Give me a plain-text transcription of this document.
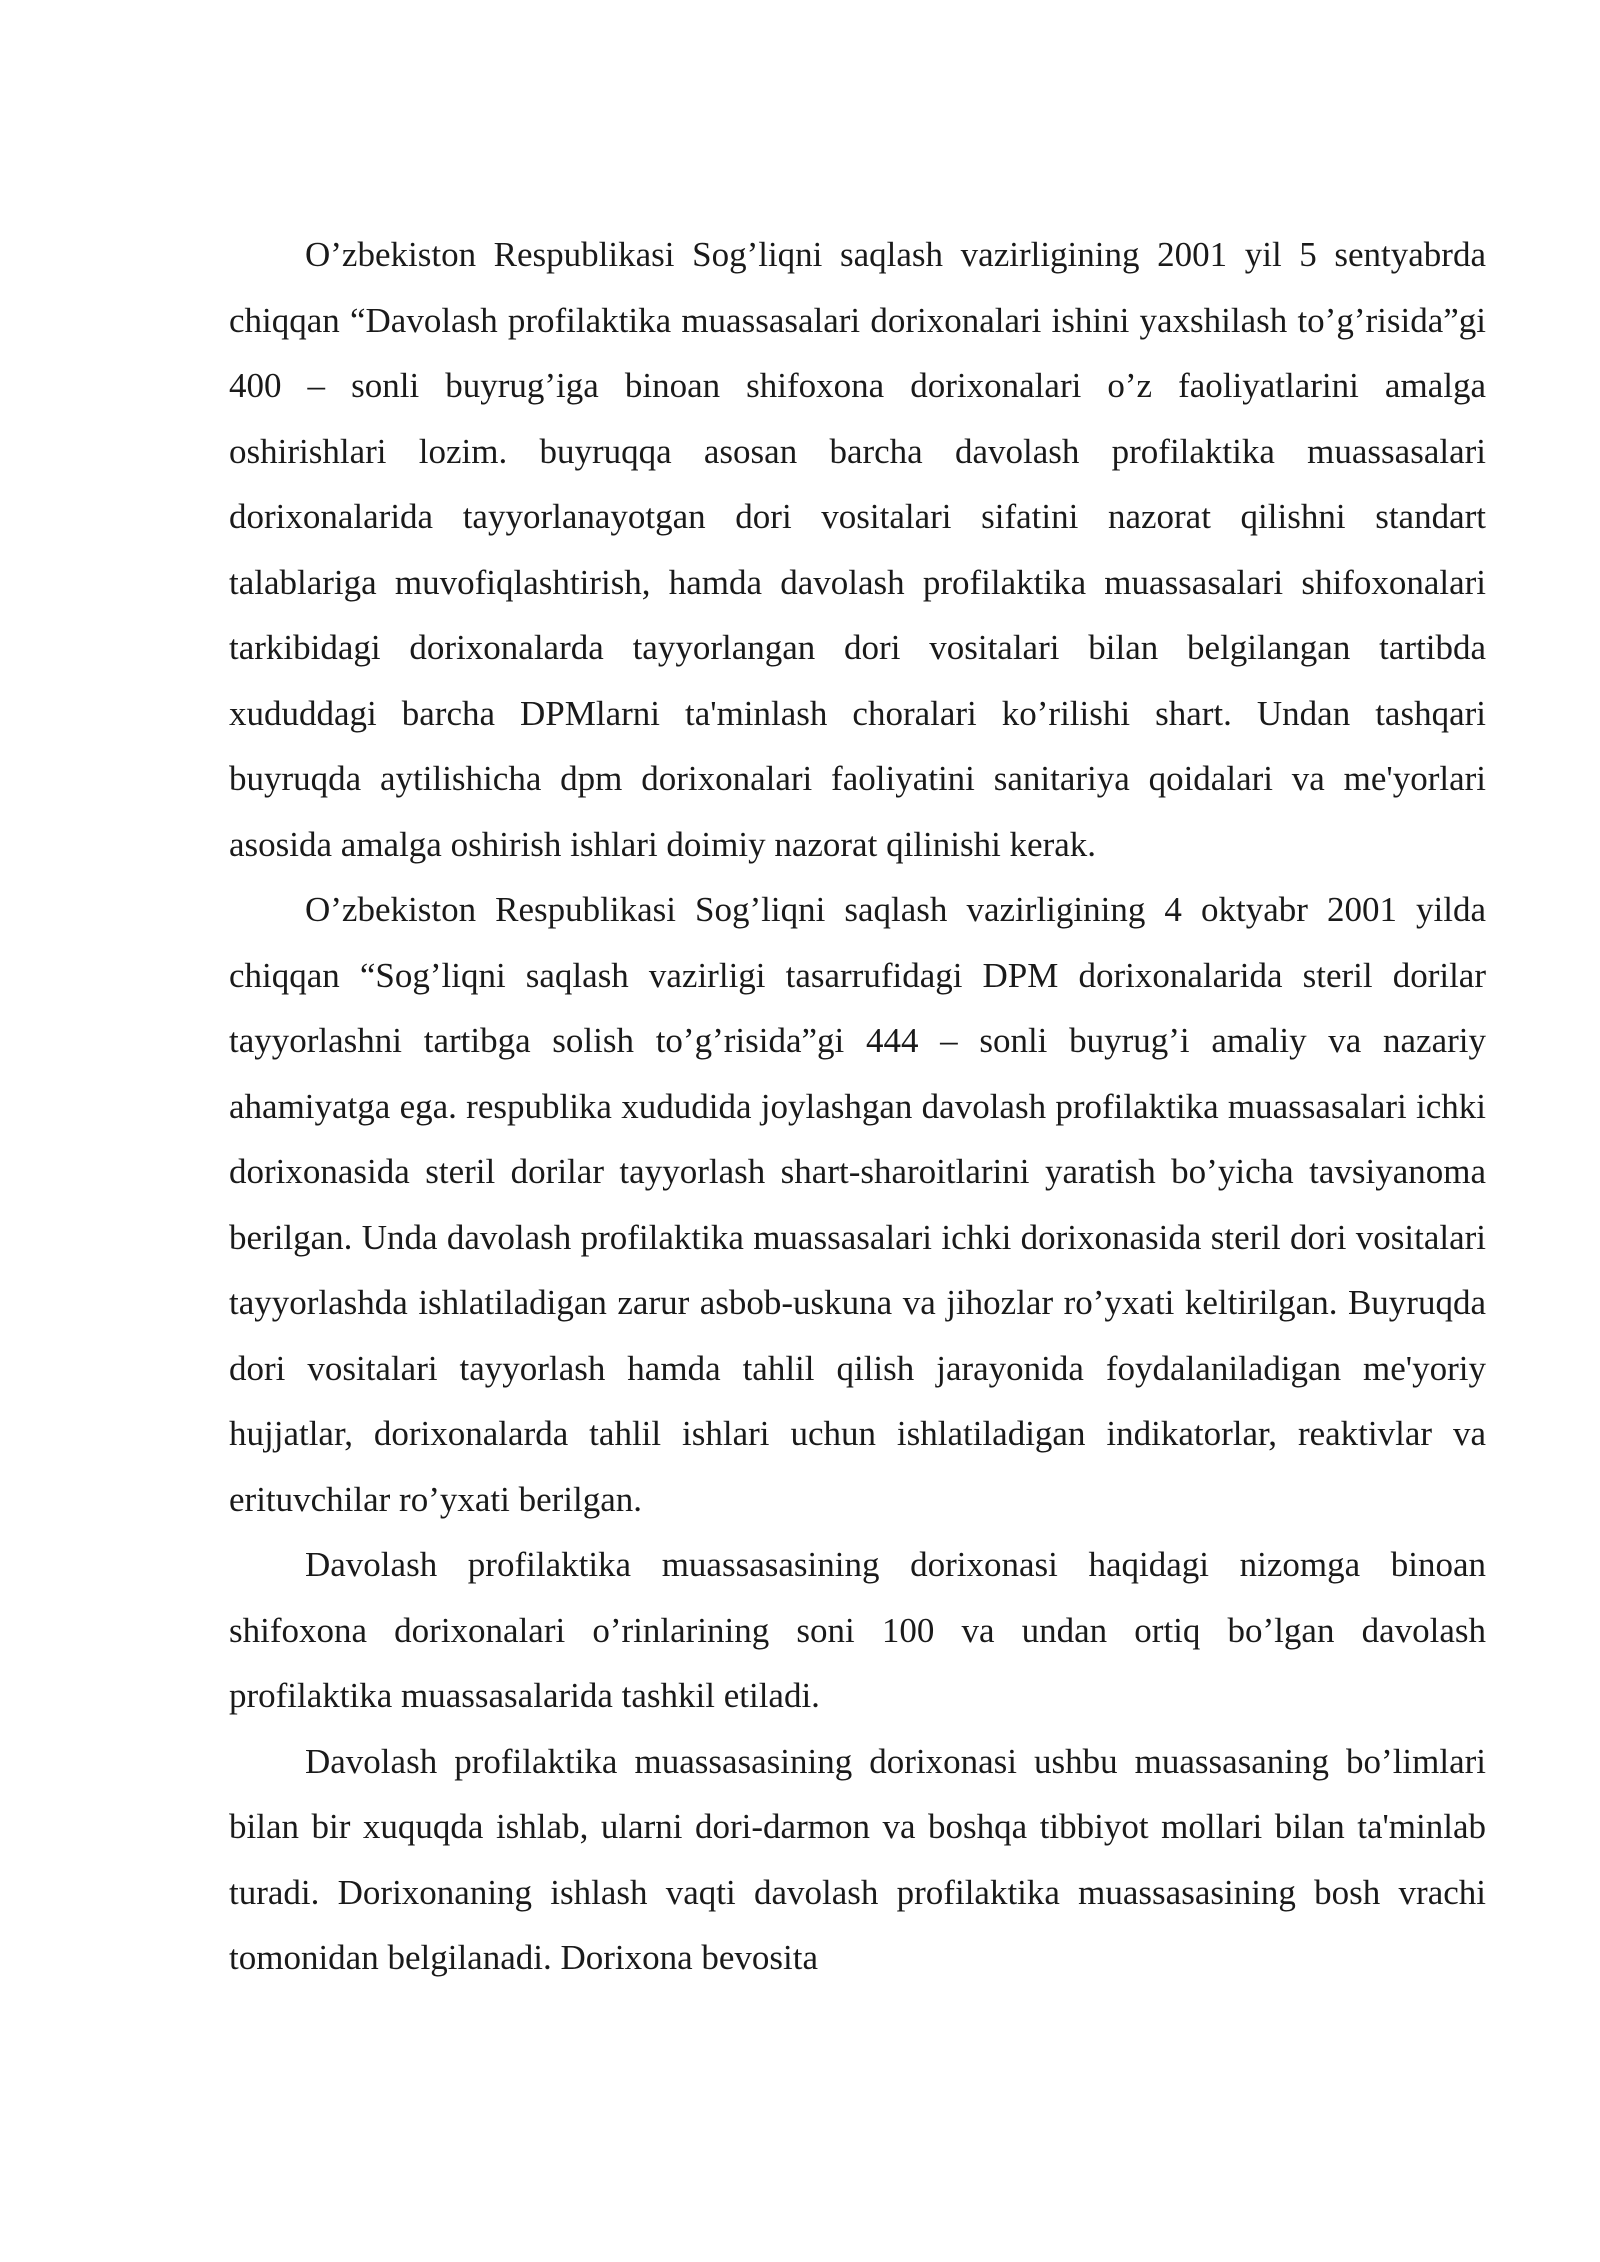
O’zbekiston Respublikasi Sog’liqni saqlash vazirligining 2001 yil 5 sentyabrda chiqqan “Davolash profilaktika muassasalari dorixonalari ishini yaxshilash to’g’risida”gi 400 – sonli buyrug’iga binoan shifoxona dorixonalari o’z faoliyatlarini amalga oshirishlari lozim. buyruqqa asosan barcha davolash profilaktika muassasalari dorixonalarida tayyorlanayotgan dori vositalari sifatini nazorat qilishni standart talablariga muvofiqlashtirish, hamda davolash profilaktika muassasalari shifoxonalari tarkibidagi dorixonalarda tayyorlangan dori vositalari bilan belgilangan tartibda xududdagi barcha DPMlarni ta'minlash choralari ko’rilishi shart. Undan tashqari buyruqda aytilishicha dpm dorixonalari faoliyatini sanitariya qoidalari va me'yorlari asosida amalga oshirish ishlari doimiy nazorat qilinishi kerak.

O’zbekiston Respublikasi Sog’liqni saqlash vazirligining 4 oktyabr 2001 yilda chiqqan “Sog’liqni saqlash vazirligi tasarrufidagi DPM dorixonalarida steril dorilar tayyorlashni tartibga solish to’g’risida”gi 444 – sonli buyrug’i amaliy va nazariy ahamiyatga ega. respublika xududida joylashgan davolash profilaktika muassasalari ichki dorixonasida steril dorilar tayyorlash shart-sharoitlarini yaratish bo’yicha tavsiyanoma berilgan. Unda davolash profilaktika muassasalari ichki dorixonasida steril dori vositalari tayyorlashda ishlatiladigan zarur asbob-uskuna va jihozlar ro’yxati keltirilgan. Buyruqda dori vositalari tayyorlash hamda tahlil qilish jarayonida foydalaniladigan me'yoriy hujjatlar, dorixonalarda tahlil ishlari uchun ishlatiladigan indikatorlar, reaktivlar va erituvchilar ro’yxati berilgan.

Davolash profilaktika muassasasining dorixonasi haqidagi nizomga binoan shifoxona dorixonalari o’rinlarining soni 100 va undan ortiq bo’lgan davolash profilaktika muassasalarida tashkil etiladi.

Davolash profilaktika muassasasining dorixonasi ushbu muassasaning bo’limlari bilan bir xuquqda ishlab, ularni dori-darmon va boshqa tibbiyot mollari bilan ta'minlab turadi. Dorixonaning ishlash vaqti davolash profilaktika muassasasining bosh vrachi tomonidan belgilanadi. Dorixona bevosita
